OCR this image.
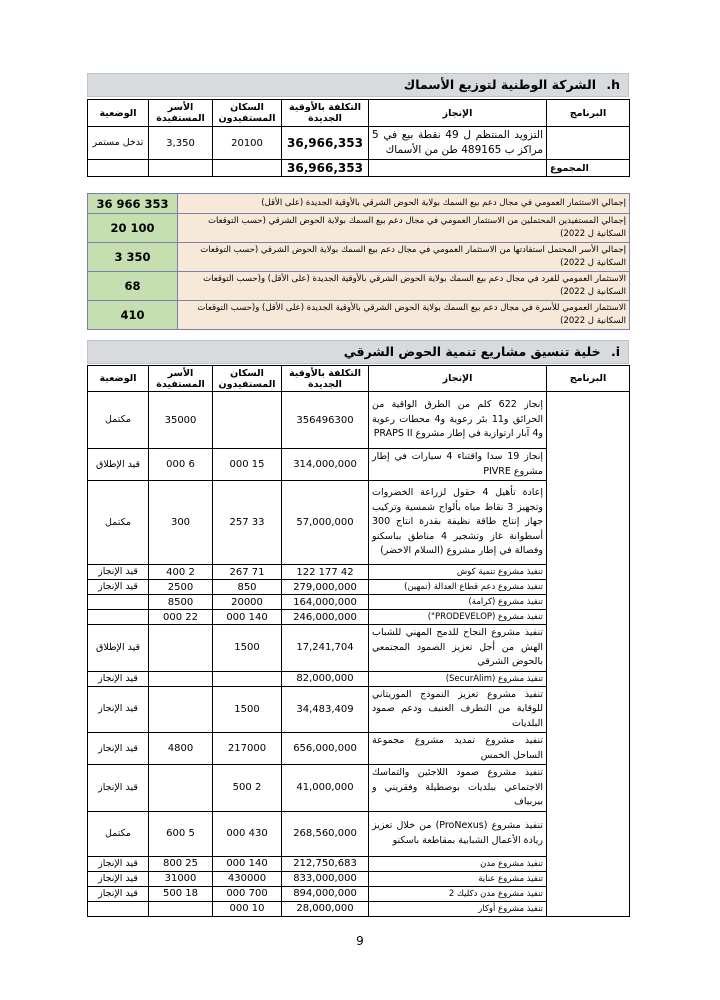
h. الشركة الوطنية لتوزيع الأسماك
البرنامج	الإنجاز	التكلفة بالأوقية الجديدة	السكان المستفيدون	الأسر المستفيدة	الوضعية
	التزويد المنتظم ل 49 نقطة بيع في 5 مراكز ب 489165 طن من الأسماك	36,966,353	20100	3,350	تدخل مستمر
المجموع		36,966,353			
إجمالي الاستثمار العمومي في مجال دعم بيع السمك بولاية الحوض الشرقي بالأوقية الجديدة (على الأقل)	36 966 353
إجمالي المستفيدين المحتملين من الاستثمار العمومي في مجال دعم بيع السمك بولاية الحوض الشرقي (حسب التوقعات السكانية ل 2022)	20 100
إجمالي الأسر المحتمل استفادتها من الاستثمار العمومي في مجال دعم بيع السمك بولاية الحوض الشرقي (حسب التوقعات السكانية ل 2022)	3 350
الاستثمار العمومي للفرد في مجال دعم بيع السمك بولاية الحوض الشرقي بالأوقية الجديدة (على الأقل) و(حسب التوقعات السكانية ل 2022)	68
الاستثمار العمومي للأسرة في مجال دعم بيع السمك بولاية الحوض الشرقي بالأوقية الجديدة (على الأقل) و(حسب التوقعات السكانية ل 2022)	410
i. خلية تنسيق مشاريع تنمية الحوض الشرقي
البرنامج	الإنجاز	التكلفة بالأوقية الجديدة	السكان المستفيدون	الأسر المستفيدة	الوضعية
	إنجاز 622 كلم من الطرق الواقية من الحرائق و11 بئر رعوية و4 محطات رعوية و4 آبار ارتوازية في إطار مشروع PRAPS II	356496300		35000	مكتمل
	إنجاز 19 سدا واقتناء 4 سيارات في إطار مشروع PIVRE	314,000,000	15 000	6 000	قيد الإطلاق
	إعادة تأهيل 4 حقول لزراعة الخضروات وتجهيز 3 نقاط مياه بألواح شمسية وتركيب جهاز إنتاج طاقة نظيفة بقدرة انتاج 300 أسطوانة غاز وتشجير 4 مناطق بباسكنو وفصالة في إطار مشروع (السلام الاخضر)	57,000,000	33 257	300	مكتمل
	تنفيذ مشروع تنمية كوش	42 177 122	71 267	2 400	قيد الإنجاز
	تنفيذ مشروع دعم قطاع العدالة (تمهين)	279,000,000	850	2500	قيد الإنجاز
	تنفيذ مشروع (كرامة)	164,000,000	20000	8500	
	تنفيذ مشروع (PRODEVELOP")	246,000,000	140 000	22 000	
	تنفيذ مشروع النجاح للدمج المهني للشباب الهش من أجل تعزيز الصمود المجتمعي بالحوض الشرقي	17,241,704	1500		قيد الإطلاق
	تنفيذ مشروع (SecurAlim)	82,000,000			قيد الإنجاز
	تنفيذ مشروع تعزيز النموذج الموريتاني للوقاية من التطرف العنيف ودعم صمود البلديات	34,483,409	1500		قيد الإنجاز
	تنفيذ مشروع تمديد مشروع مجموعة الساحل الخمس	656,000,000	217000	4800	قيد الإنجاز
	تنفيذ مشروع صمود اللاجئين والتماسك الاجتماعي ببلديات بوصطيلة وفقريني و بيربياف	41,000,000	2 500		قيد الإنجاز
	تنفيذ مشروع (ProNexus) من خلال تعزيز ريادة الأعمال الشبابية بمقاطعة باسكنو	268,560,000	430 000	5 600	مكتمل
	تنفيذ مشروع مدن	212,750,683	140 000	25 800	قيد الإنجاز
	تنفيذ مشروع عناية	833,000,000	430000	31000	قيد الإنجاز
	تنفيذ مشروع مدن دكليك 2	894,000,000	700 000	18 500	قيد الإنجاز
	تنفيذ مشروع أوكار	28,000,000	10 000		
9
